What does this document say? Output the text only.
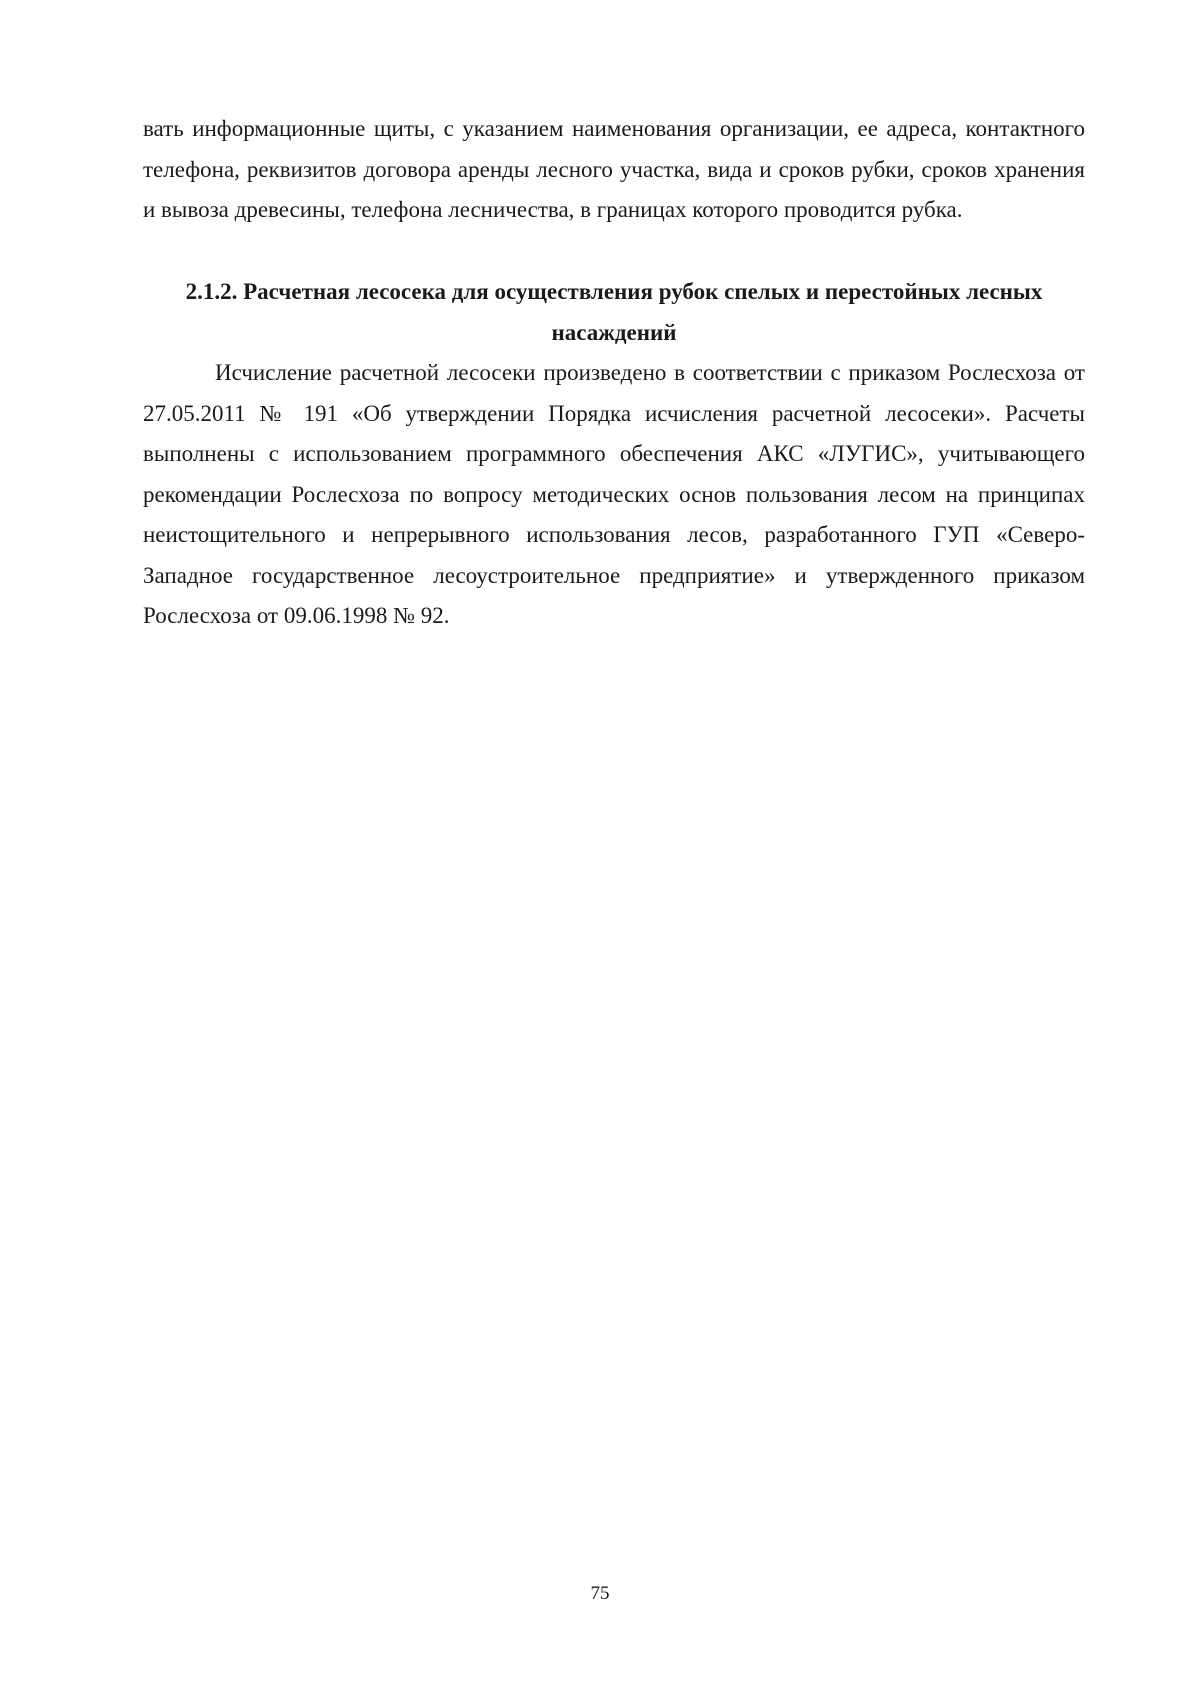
вать информационные щиты, с указанием наименования организации, ее адреса, контактного телефона, реквизитов договора аренды лесного участка, вида и сроков рубки, сроков хранения и вывоза древесины, телефона лесничества, в границах которого проводится рубка.

2.1.2. Расчетная лесосека для осуществления рубок спелых и перестойных лесных насаждений

Исчисление расчетной лесосеки произведено в соответствии с приказом Рослесхоза от 27.05.2011 № 191 «Об утверждении Порядка исчисления расчетной лесосеки». Расчеты выполнены с использованием программного обеспечения АКС «ЛУГИС», учитывающего рекомендации Рослесхоза по вопросу методических основ пользования лесом на принципах неистощительного и непрерывного использования лесов, разработанного ГУП «Северо-Западное государственное лесоустроительное предприятие» и утвержденного приказом Рослесхоза от 09.06.1998 № 92.

75
